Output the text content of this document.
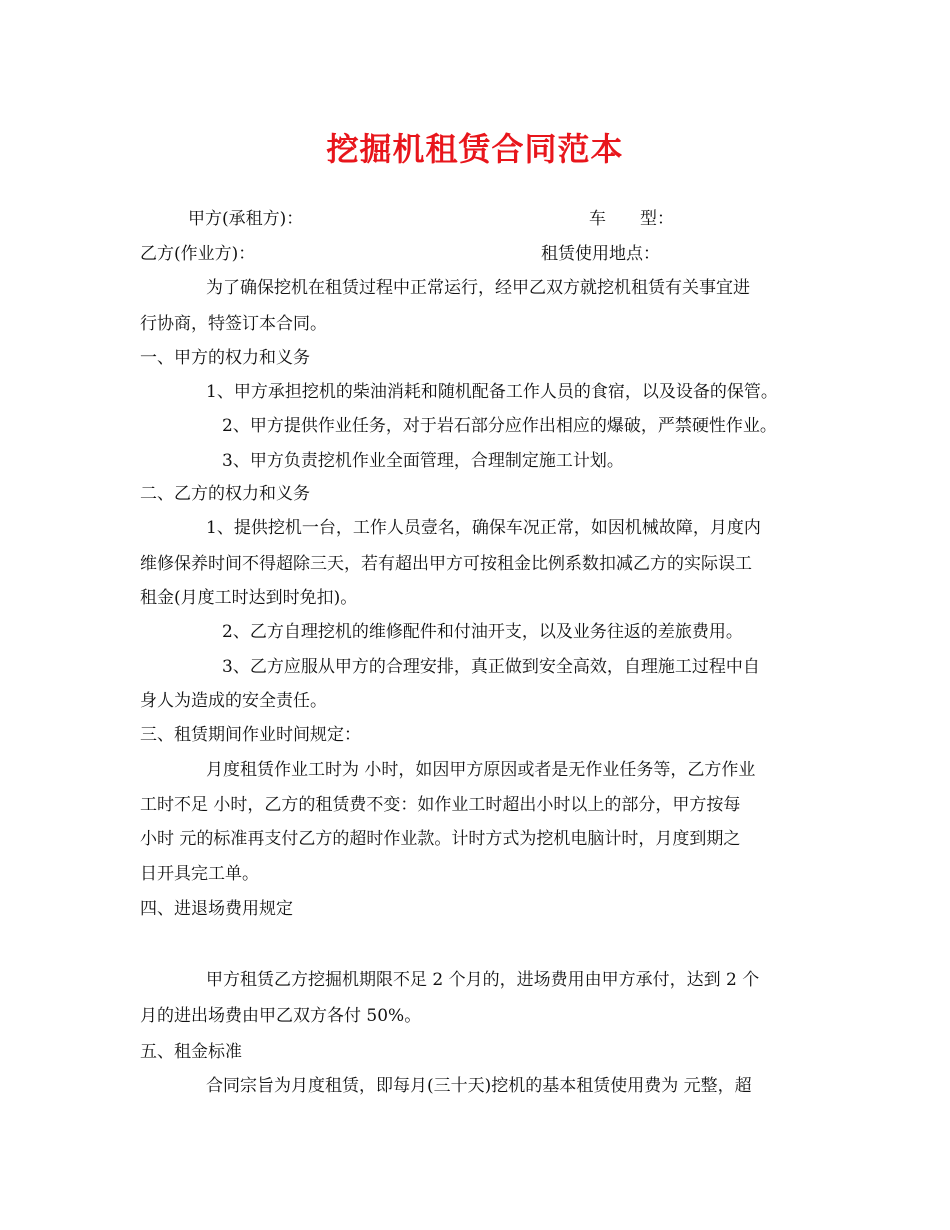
挖掘机租赁合同范本
甲方(承租方)：	车　　型：
乙方(作业方)：	租赁使用地点：
为了确保挖机在租赁过程中正常运行，经甲乙双方就挖机租赁有关事宜进
行协商，特签订本合同。
一、甲方的权力和义务
1、甲方承担挖机的柴油消耗和随机配备工作人员的食宿，以及设备的保管。
2、甲方提供作业任务，对于岩石部分应作出相应的爆破，严禁硬性作业。
3、甲方负责挖机作业全面管理，合理制定施工计划。
二、乙方的权力和义务
1、提供挖机一台，工作人员壹名，确保车况正常，如因机械故障，月度内
维修保养时间不得超除三天，若有超出甲方可按租金比例系数扣减乙方的实际误工
租金(月度工时达到时免扣)。
2、乙方自理挖机的维修配件和付油开支，以及业务往返的差旅费用。
3、乙方应服从甲方的合理安排，真正做到安全高效，自理施工过程中自
身人为造成的安全责任。
三、租赁期间作业时间规定：
月度租赁作业工时为 小时，如因甲方原因或者是无作业任务等，乙方作业
工时不足 小时，乙方的租赁费不变：如作业工时超出小时以上的部分，甲方按每
小时 元的标准再支付乙方的超时作业款。计时方式为挖机电脑计时，月度到期之
日开具完工单。
四、进退场费用规定
甲方租赁乙方挖掘机期限不足 2 个月的，进场费用由甲方承付，达到 2 个
月的进出场费由甲乙双方各付 50%。
五、租金标准
合同宗旨为月度租赁，即每月(三十天)挖机的基本租赁使用费为 元整，超
